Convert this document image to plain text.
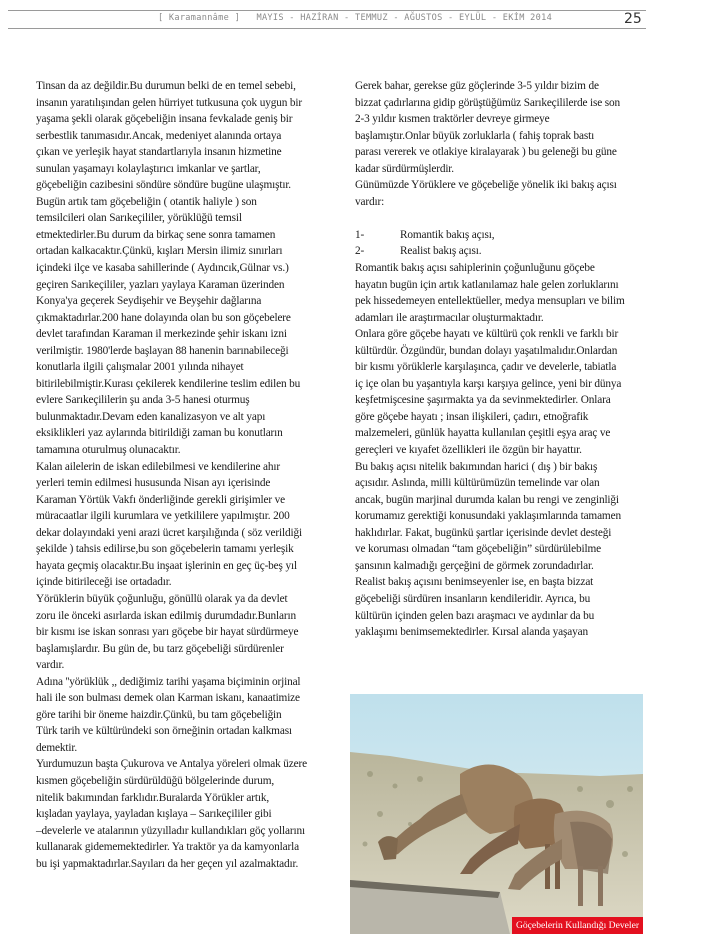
[ Karamannâme ] MAYIS - HAZİRAN - TEMMUZ - AĞUSTOS - EYLÜL - EKİM 2014	25
Tinsan da az değildir.Bu durumun belki de en temel sebebi,
insanın yaratılışından gelen hürriyet tutkusuna çok uygun bir
yaşama şekli olarak göçebeliğin insana fevkalade geniş bir
serbestlik tanımasıdır.Ancak, medeniyet alanında ortaya
çıkan ve yerleşik hayat standartlarıyla insanın hizmetine
sunulan yaşamayı kolaylaştırıcı imkanlar ve şartlar,
göçebeliğin cazibesini söndüre söndüre bugüne ulaşmıştır.
Bugün artık tam göçebeliğin ( otantik haliyle ) son
temsilcileri olan Sarıkeçililer, yörüklüğü temsil
etmektedirler.Bu durum da birkaç sene sonra tamamen
ortadan kalkacaktır.Çünkü, kışları Mersin ilimiz sınırları
içindeki ilçe ve kasaba sahillerinde ( Aydıncık,Gülnar vs.)
geçiren Sarıkeçililer, yazları yaylaya Karaman üzerinden
Konya'ya geçerek Seydişehir ve Beyşehir dağlarına
çıkmaktadırlar.200 hane dolayında olan bu son göçebelere
devlet tarafından Karaman il merkezinde şehir iskanı izni
verilmiştir. 1980'lerde başlayan 88 hanenin barınabileceği
konutlarla ilgili çalışmalar 2001 yılında nihayet
bitirilebilmiştir.Kurası çekilerek kendilerine teslim edilen bu
evlere Sarıkeçililerin şu anda 3-5 hanesi oturmuş
bulunmaktadır.Devam eden kanalizasyon ve alt yapı
eksiklikleri yaz aylarında bitirildiği zaman bu konutların
tamamına oturulmuş olunacaktır.
Kalan ailelerin de iskan edilebilmesi ve kendilerine ahır
yerleri temin edilmesi hususunda Nisan ayı içerisinde
Karaman Yörtük Vakfı önderliğinde gerekli girişimler ve
müracaatlar ilgili kurumlara ve yetkililere yapılmıştır. 200
dekar dolayındaki yeni arazi ücret karşılığında ( söz verildiği
şekilde ) tahsis edilirse,bu son göçebelerin tamamı yerleşik
hayata geçmiş olacaktır.Bu inşaat işlerinin en geç üç-beş yıl
içinde bitirileceği ise ortadadır.
Yörüklerin büyük çoğunluğu, gönüllü olarak ya da devlet
zoru ile önceki asırlarda iskan edilmiş durumdadır.Bunların
bir kısmı ise iskan sonrası yarı göçebe bir hayat sürdürmeye
başlamışlardır. Bu gün de, bu tarz göçebeliği sürdürenler
vardır.
Adına ''yörüklük ,, dediğimiz tarihi yaşama biçiminin orjinal
hali ile son bulması demek olan Karman iskanı, kanaatimize
göre tarihi bir öneme haizdir.Çünkü, bu tam göçebeliğin
Türk tarih ve kültüründeki son örneğinin ortadan kalkması
demektir.
Yurdumuzun başta Çukurova ve Antalya yöreleri olmak üzere
kısmen göçebeliğin sürdürüldüğü bölgelerinde durum,
nitelik bakımından farklıdır.Buralarda Yörükler artık,
kışladan yaylaya, yayladan kışlaya – Sarıkeçililer gibi
–develerle ve atalarının yüzyılladır kullandıkları göç yollarını
kullanarak gidememektedirler. Ya traktör ya da kamyonlarla
bu işi yapmaktadırlar.Sayıları da her geçen yıl azalmaktadır.
Gerek bahar, gerekse güz göçlerinde 3-5 yıldır bizim de
bizzat çadırlarına gidip görüştüğümüz Sarıkeçililerde ise son
2-3 yıldır kısmen traktörler devreye girmeye
başlamıştır.Onlar büyük zorluklarla ( fahiş toprak bastı
parası vererek ve otlakiye kiralayarak ) bu geleneği bu güne
kadar sürdürmüşlerdir.
Günümüzde Yörüklere ve göçebeliğe yönelik iki bakış açısı
vardır:
1-	Romantik bakış açısı,
2-	Realist bakış açısı.
Romantik bakış açısı sahiplerinin çoğunluğunu göçebe
hayatın bugün için artık katlanılamaz hale gelen zorluklarını
pek hissedemeyen entellektüeller, medya mensupları ve bilim
adamları ile araştırmacılar oluşturmaktadır.
Onlara göre göçebe hayatı ve kültürü çok renkli ve farklı bir
kültürdür. Özgündür, bundan dolayı yaşatılmalıdır.Onlardan
bir kısmı yörüklerle karşılaşınca, çadır ve develerle, tabiatla
iç içe olan bu yaşantıyla karşı karşıya gelince, yeni bir dünya
keşfetmişcesine şaşırmakta ya da sevinmektedirler. Onlara
göre göçebe hayatı ; insan ilişkileri, çadırı, etnoğrafik
malzemeleri, günlük hayatta kullanılan çeşitli eşya araç ve
gereçleri ve kıyafet özellikleri ile özgün bir hayattır.
Bu bakış açısı nitelik bakımından harici ( dış ) bir bakış
açısıdır. Aslında, milli kültürümüzün temelinde var olan
ancak, bugün marjinal durumda kalan bu rengi ve zenginliği
korumamız gerektiği konusundaki yaklaşımlarında tamamen
haklıdırlar. Fakat, bugünkü şartlar içerisinde devlet desteği
ve koruması olmadan “tam göçebeliğin” sürdürülebilme
şansının kalmadığı gerçeğini de görmek zorundadırlar.
Realist bakış açısını benimseyenler ise, en başta bizzat
göçebeliği sürdüren insanların kendileridir. Ayrıca, bu
kültürün içinden gelen bazı araşmacı ve aydınlar da bu
yaklaşımı benimsemektedirler. Kırsal alanda yaşayan
Göçebelerin Kullandığı Develer
